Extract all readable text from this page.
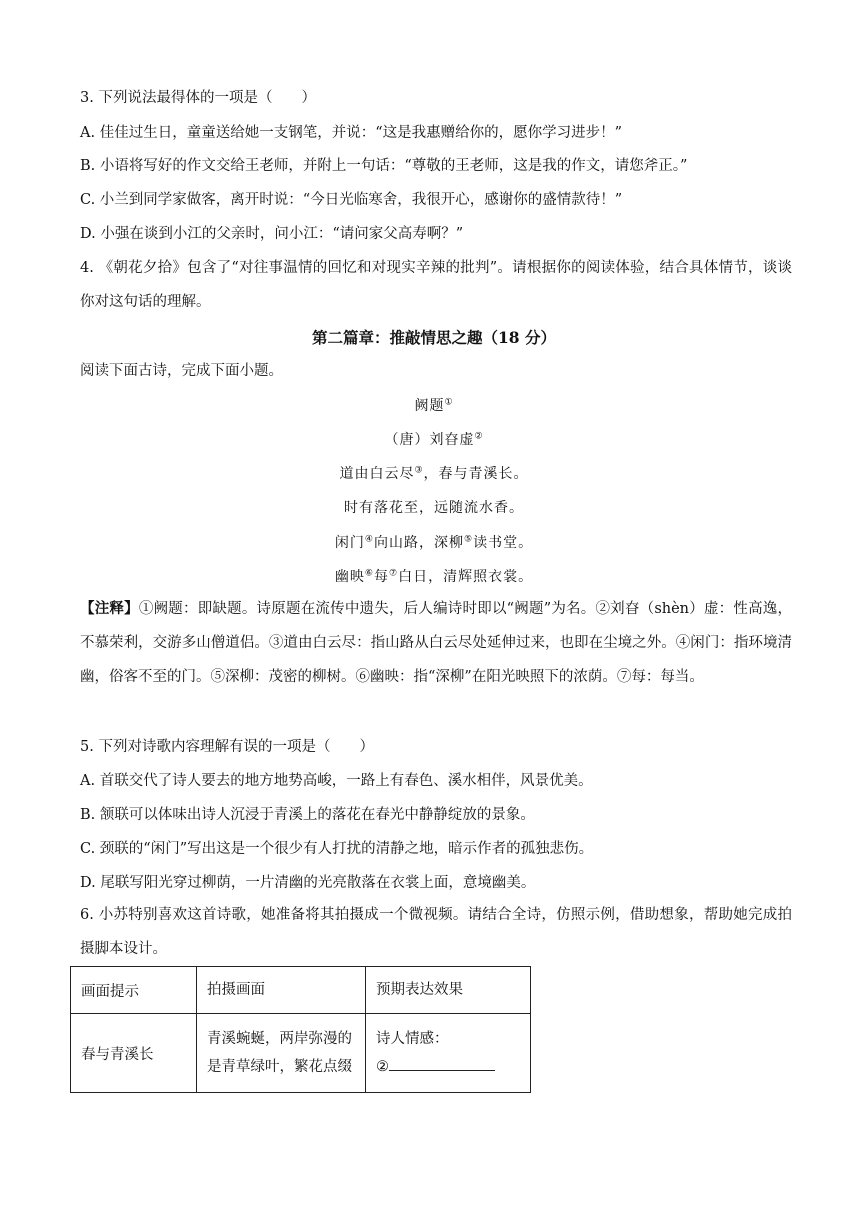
3. 下列说法最得体的一项是（　　）
A. 佳佳过生日，童童送给她一支钢笔，并说：“这是我惠赠给你的，愿你学习进步！”
B. 小语将写好的作文交给王老师，并附上一句话：“尊敬的王老师，这是我的作文，请您斧正。”
C. 小兰到同学家做客，离开时说：“今日光临寒舍，我很开心，感谢你的盛情款待！”
D. 小强在谈到小江的父亲时，问小江：“请问家父高寿啊？”
4. 《朝花夕拾》包含了“对往事温情的回忆和对现实辛辣的批判”。请根据你的阅读体验，结合具体情节，谈谈你对这句话的理解。
第二篇章：推敲情思之趣（18 分）
阅读下面古诗，完成下面小题。
阙题①
（唐）刘昚虚②
道由白云尽③，春与青溪长。
时有落花至，远随流水香。
闲门④向山路，深柳⑤读书堂。
幽映⑥每⑦白日，清辉照衣裳。
【注释】①阙题：即缺题。诗原题在流传中遗失，后人编诗时即以“阙题”为名。②刘昚（shèn）虚：性高逸，不慕荣利，交游多山僧道侣。③道由白云尽：指山路从白云尽处延伸过来，也即在尘境之外。④闲门：指环境清幽，俗客不至的门。⑤深柳：茂密的柳树。⑥幽映：指“深柳”在阳光映照下的浓荫。⑦每：每当。
5. 下列对诗歌内容理解有误的一项是（　　）
A. 首联交代了诗人要去的地方地势高峻，一路上有春色、溪水相伴，风景优美。
B. 颔联可以体味出诗人沉浸于青溪上的落花在春光中静静绽放的景象。
C. 颈联的“闲门”写出这是一个很少有人打扰的清静之地，暗示作者的孤独悲伤。
D. 尾联写阳光穿过柳荫，一片清幽的光亮散落在衣裳上面，意境幽美。
6. 小苏特别喜欢这首诗歌，她准备将其拍摄成一个微视频。请结合全诗，仿照示例，借助想象，帮助她完成拍摄脚本设计。
画面提示	拍摄画面	预期表达效果
春与青溪长	青溪蜿蜒，两岸弥漫的是青草绿叶，繁花点缀	诗人情感：
②
